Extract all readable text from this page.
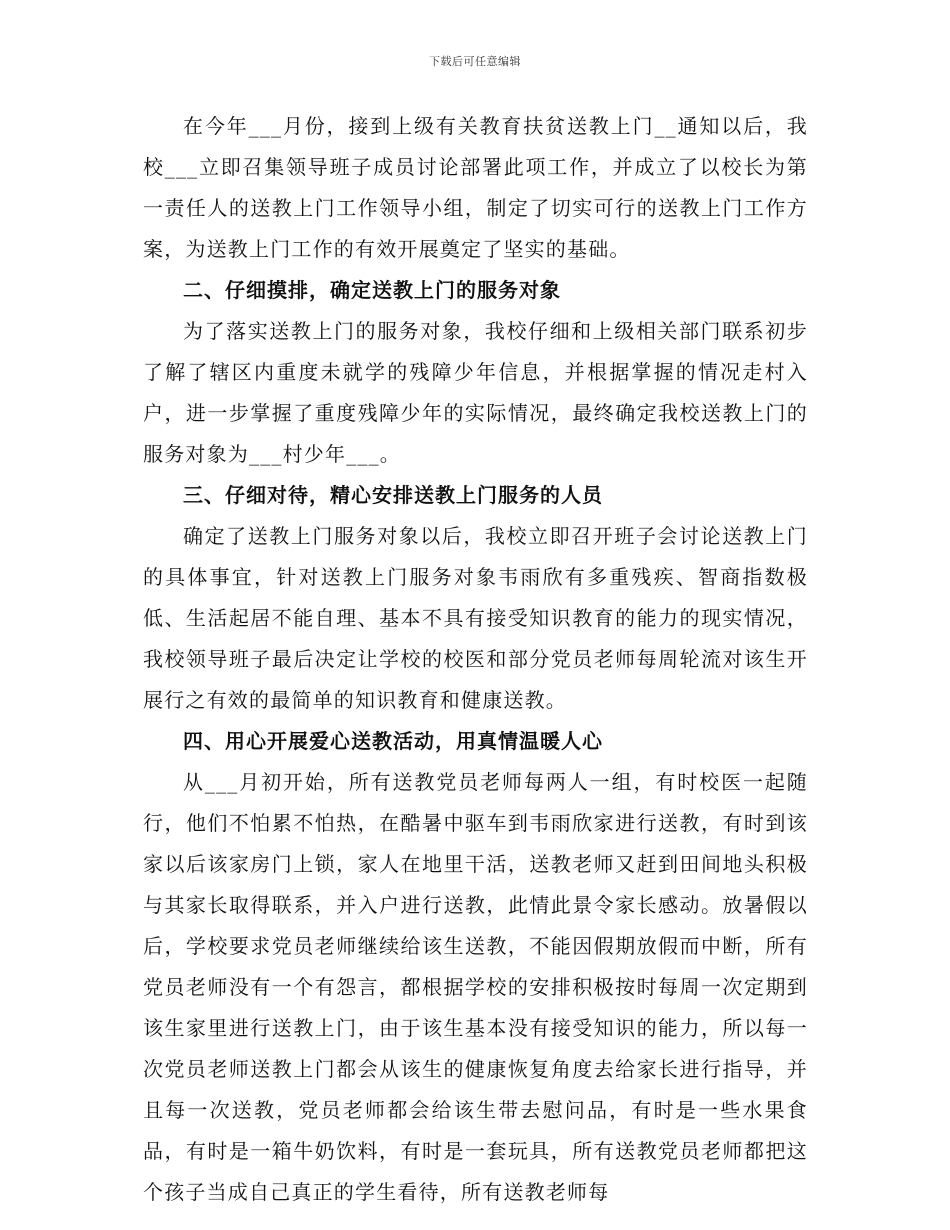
下载后可任意编辑

在今年___月份，接到上级有关教育扶贫送教上门__通知以后，我校___立即召集领导班子成员讨论部署此项工作，并成立了以校长为第一责任人的送教上门工作领导小组，制定了切实可行的送教上门工作方案，为送教上门工作的有效开展奠定了坚实的基础。

二、仔细摸排，确定送教上门的服务对象

为了落实送教上门的服务对象，我校仔细和上级相关部门联系初步了解了辖区内重度未就学的残障少年信息，并根据掌握的情况走村入户，进一步掌握了重度残障少年的实际情况，最终确定我校送教上门的服务对象为___村少年___。

三、仔细对待，精心安排送教上门服务的人员

确定了送教上门服务对象以后，我校立即召开班子会讨论送教上门的具体事宜，针对送教上门服务对象韦雨欣有多重残疾、智商指数极低、生活起居不能自理、基本不具有接受知识教育的能力的现实情况，我校领导班子最后决定让学校的校医和部分党员老师每周轮流对该生开展行之有效的最简单的知识教育和健康送教。

四、用心开展爱心送教活动，用真情温暖人心

从___月初开始，所有送教党员老师每两人一组，有时校医一起随行，他们不怕累不怕热，在酷暑中驱车到韦雨欣家进行送教，有时到该家以后该家房门上锁，家人在地里干活，送教老师又赶到田间地头积极与其家长取得联系，并入户进行送教，此情此景令家长感动。放暑假以后，学校要求党员老师继续给该生送教，不能因假期放假而中断，所有党员老师没有一个有怨言，都根据学校的安排积极按时每周一次定期到该生家里进行送教上门，由于该生基本没有接受知识的能力，所以每一次党员老师送教上门都会从该生的健康恢复角度去给家长进行指导，并且每一次送教，党员老师都会给该生带去慰问品，有时是一些水果食品，有时是一箱牛奶饮料，有时是一套玩具，所有送教党员老师都把这个孩子当成自己真正的学生看待，所有送教老师每
